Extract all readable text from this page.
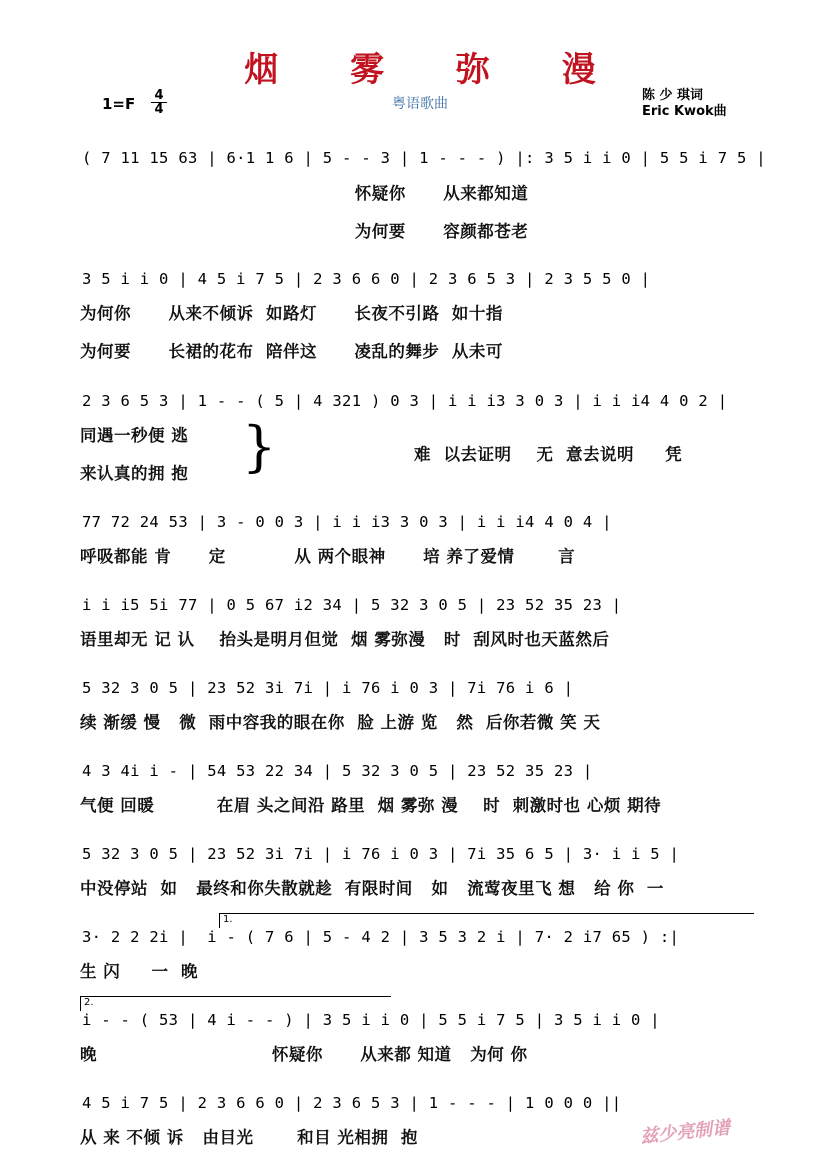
烟 雾 弥 漫
1=F 4
4	粤语歌曲
陈 少 琪词
Eric Kwok曲
( 7 11 15 63 | 6·1 1 6 | 5 - - 3 | 1 - - - ) |: 3 5 i i 0 | 5 5 i 7 5 |
怀疑你      从来都知道
为何要      容颜都苍老
3 5 i i 0 | 4 5 i 7 5 | 2 3 6 6 0 | 2 3 6 5 3 | 2 3 5 5 0 |
为何你      从来不倾诉  如路灯      长夜不引路  如十指
为何要      长裙的花布  陪伴这      凌乱的舞步  从未可
2 3 6 5 3 | 1 - - ( 5 | 4 321 ) 0 3 | i i i3 3 0 3 | i i i4 4 0 2 |
同遇一秒便 逃
来认真的拥 抱 }	难  以去证明    无  意去说明     凭
77 72 24 53 | 3 - 0 0 3 | i i i3 3 0 3 | i i i4 4 0 4 |
呼吸都能 肯      定           从 两个眼神      培 养了爱情       言
i i i5 5i 77 | 0 5 67 i2 34 | 5 32 3 0 5 | 23 52 35 23 |
语里却无 记 认    抬头是明月但觉  烟 雾弥漫   时  刮风时也天蓝然后
5 32 3 0 5 | 23 52 3i 7i | i 76 i 0 3 | 7i 76 i 6 |
续 渐缓 慢   微  雨中容我的眼在你  脸 上游 览   然  后你若微 笑 天
4 3 4i i - | 54 53 22 34 | 5 32 3 0 5 | 23 52 35 23 |
气便 回暖          在眉 头之间沿 路里  烟 雾弥 漫    时  刺激时也 心烦 期待
5 32 3 0 5 | 23 52 3i 7i | i 76 i 0 3 | 7i 35 6 5 | 3· i i 5 |
中没停站  如   最终和你失散就趁  有限时间   如   流莺夜里飞 想   给 你  一
1.
3· 2 2 2i |  i - ( 7 6 | 5 - 4 2 | 3 5 3 2 i | 7· 2 i7 65 ) :|
生 闪     一  晚
2.
i - - ( 53 | 4 i - - ) | 3 5 i i 0 | 5 5 i 7 5 | 3 5 i i 0 |
晚                            怀疑你      从来都 知道   为何 你
4 5 i 7 5 | 2 3 6 6 0 | 2 3 6 5 3 | 1 - - - | 1 0 0 0 ||
从 来 不倾 诉   由目光       和目 光相拥  抱	兹少亮制谱
